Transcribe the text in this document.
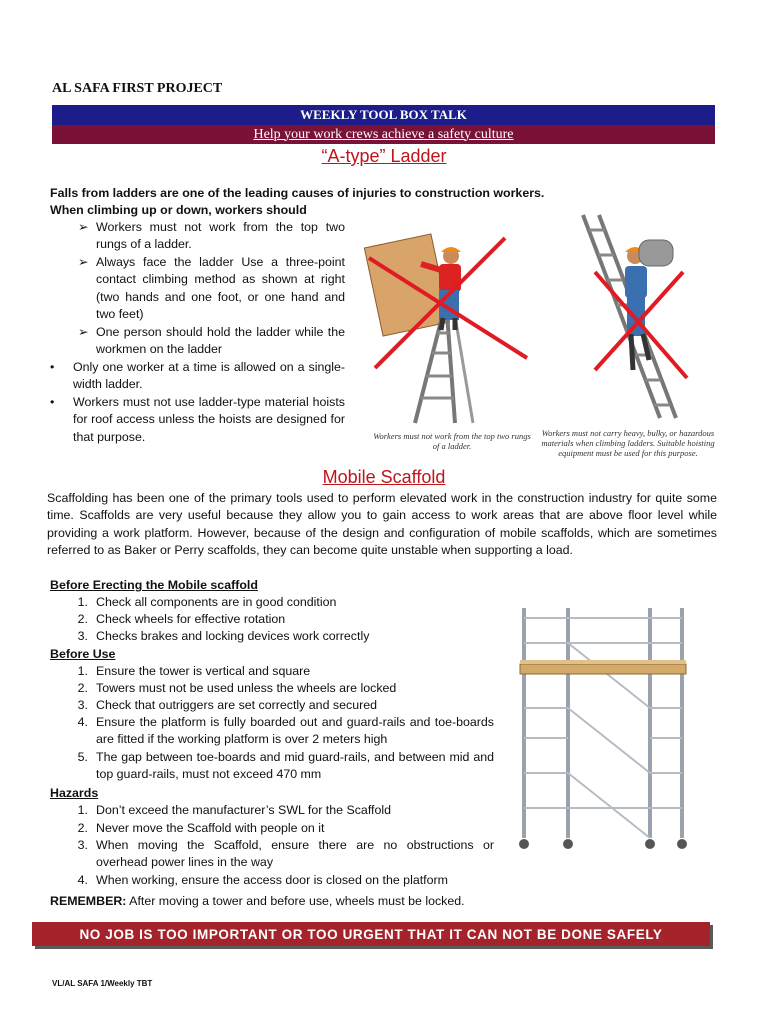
AL SAFA FIRST PROJECT
WEEKLY TOOL BOX TALK
Help your work crews achieve a safety culture
“A-type” Ladder
Falls from ladders are one of the leading causes of injuries to construction workers.
When climbing up or down, workers should
➢ Workers must not work from the top two rungs of a ladder.
➢ Always face the ladder Use a three-point contact climbing method as shown at right (two hands and one foot, or one hand and two feet)
➢ One person should hold the ladder while the workmen on the ladder
•	Only one worker at a time is allowed on a single-width ladder.
•	Workers must not use ladder-type material hoists for roof access unless the hoists are designed for that purpose.	Workers must not work from the top two rungs of a ladder.
Workers must not carry heavy, bulky, or hazardous materials when climbing ladders. Suitable hoisting equipment must be used for this purpose.
Mobile Scaffold
Scaffolding has been one of the primary tools used to perform elevated work in the construction industry for quite some time. Scaffolds are very useful because they allow you to gain access to work areas that are above floor level while providing a work platform. However, because of the design and configuration of mobile scaffolds, which are sometimes referred to as Baker or Perry scaffolds, they can become quite unstable when supporting a load.
Before Erecting the Mobile scaffold
1. Check all components are in good condition
2. Check wheels for effective rotation
3. Checks brakes and locking devices work correctly
Before Use
1. Ensure the tower is vertical and square
2. Towers must not be used unless the wheels are locked
3. Check that outriggers are set correctly and secured
4. Ensure the platform is fully boarded out and guard-rails and toe-boards are fitted if the working platform is over 2 meters high
5. The gap between toe-boards and mid guard-rails, and between mid and top guard-rails, must not exceed 470 mm
Hazards
1. Don’t exceed the manufacturer’s SWL for the Scaffold
2. Never move the Scaffold with people on it
3. When moving the Scaffold, ensure there are no obstructions or overhead power lines in the way
4. When working, ensure the access door is closed on the platform
REMEMBER: After moving a tower and before use, wheels must be locked.
NO JOB IS TOO IMPORTANT OR TOO URGENT THAT IT CAN NOT BE DONE SAFELY
VL/AL SAFA 1/Weekly TBT
